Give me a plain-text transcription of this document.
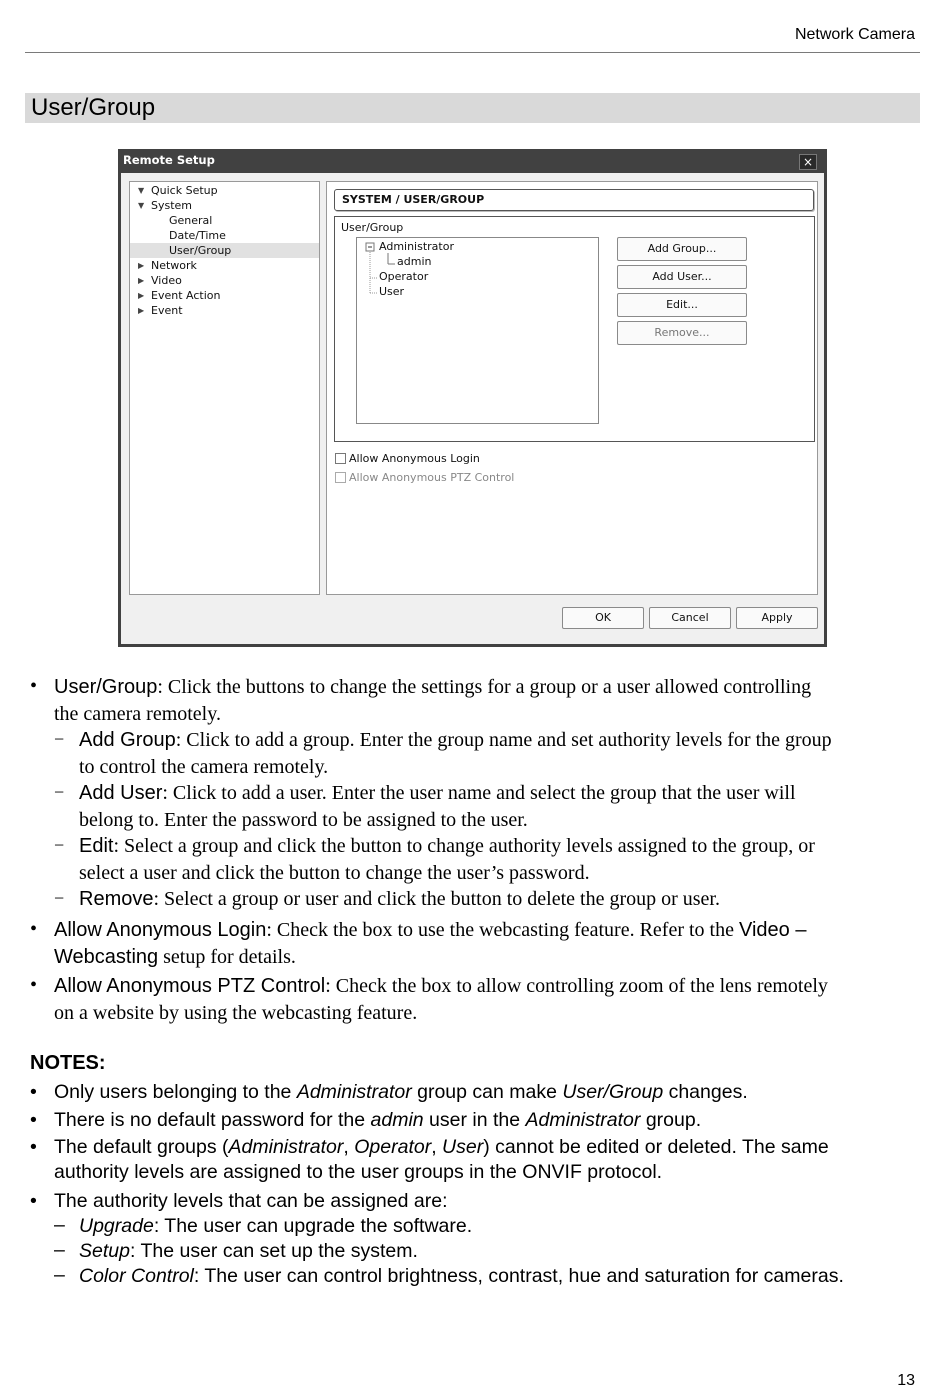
Network Camera
User/Group
Remote Setup	×
▼ Quick Setup
▼ System
General
Date/Time
User/Group
▶ Network
▶ Video
▶ Event Action
▶ Event
SYSTEM / USER/GROUP
User/Group
Administrator
admin
Operator
User
Add Group...
Add User...
Edit...
Remove...
Allow Anonymous Login
Allow Anonymous PTZ Control
OK	Cancel	Apply
• User/Group: Click the buttons to change the settings for a group or a user allowed controlling
the camera remotely.
− Add Group: Click to add a group. Enter the group name and set authority levels for the group
to control the camera remotely.
− Add User: Click to add a user. Enter the user name and select the group that the user will
belong to. Enter the password to be assigned to the user.
− Edit: Select a group and click the button to change authority levels assigned to the group, or
select a user and click the button to change the user’s password.
− Remove: Select a group or user and click the button to delete the group or user.
• Allow Anonymous Login: Check the box to use the webcasting feature. Refer to the Video –
Webcasting setup for details.
• Allow Anonymous PTZ Control: Check the box to allow controlling zoom of the lens remotely
on a website by using the webcasting feature.
NOTES:
• Only users belonging to the Administrator group can make User/Group changes.
• There is no default password for the admin user in the Administrator group.
• The default groups (Administrator, Operator, User) cannot be edited or deleted. The same
authority levels are assigned to the user groups in the ONVIF protocol.
• The authority levels that can be assigned are:
– Upgrade: The user can upgrade the software.
– Setup: The user can set up the system.
– Color Control: The user can control brightness, contrast, hue and saturation for cameras.
13
